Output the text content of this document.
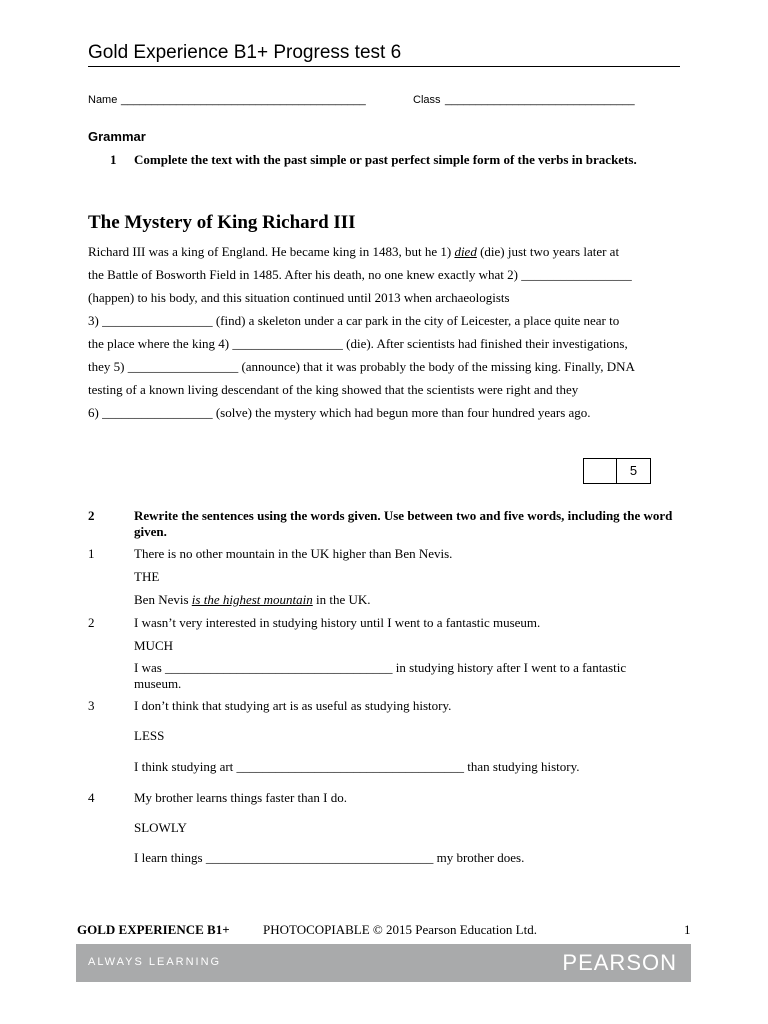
Gold Experience B1+ Progress test 6
Name ________________________________________	Class _______________________________
Grammar
1 Complete the text with the past simple or past perfect simple form of the verbs in brackets.
The Mystery of King Richard III

Richard III was a king of England. He became king in 1483, but he 1) died (die) just two years later at

the Battle of Bosworth Field in 1485. After his death, no one knew exactly what 2) _________________

(happen) to his body, and this situation continued until 2013 when archaeologists

3) _________________ (find) a skeleton under a car park in the city of Leicester, a place quite near to

the place where the king 4) _________________ (die). After scientists had finished their investigations,

they 5) _________________ (announce) that it was probably the body of the missing king. Finally, DNA

testing of a known living descendant of the king showed that the scientists were right and they

6) _________________ (solve) the mystery which had begun more than four hundred years ago.

5
2	Rewrite the sentences using the words given. Use between two and five words, including the word given.
1	There is no other mountain in the UK higher than Ben Nevis.
THE
Ben Nevis is the highest mountain in the UK.
2	I wasn’t very interested in studying history until I went to a fantastic museum.
MUCH
I was ___________________________________ in studying history after I went to a fantastic museum.
3	I don’t think that studying art is as useful as studying history.
LESS
I think studying art ___________________________________ than studying history.
4	My brother learns things faster than I do.
SLOWLY
I learn things ___________________________________ my brother does.
GOLD EXPERIENCE B1+	PHOTOCOPIABLE © 2015 Pearson Education Ltd.	1
ALWAYS LEARNING	PEARSON
